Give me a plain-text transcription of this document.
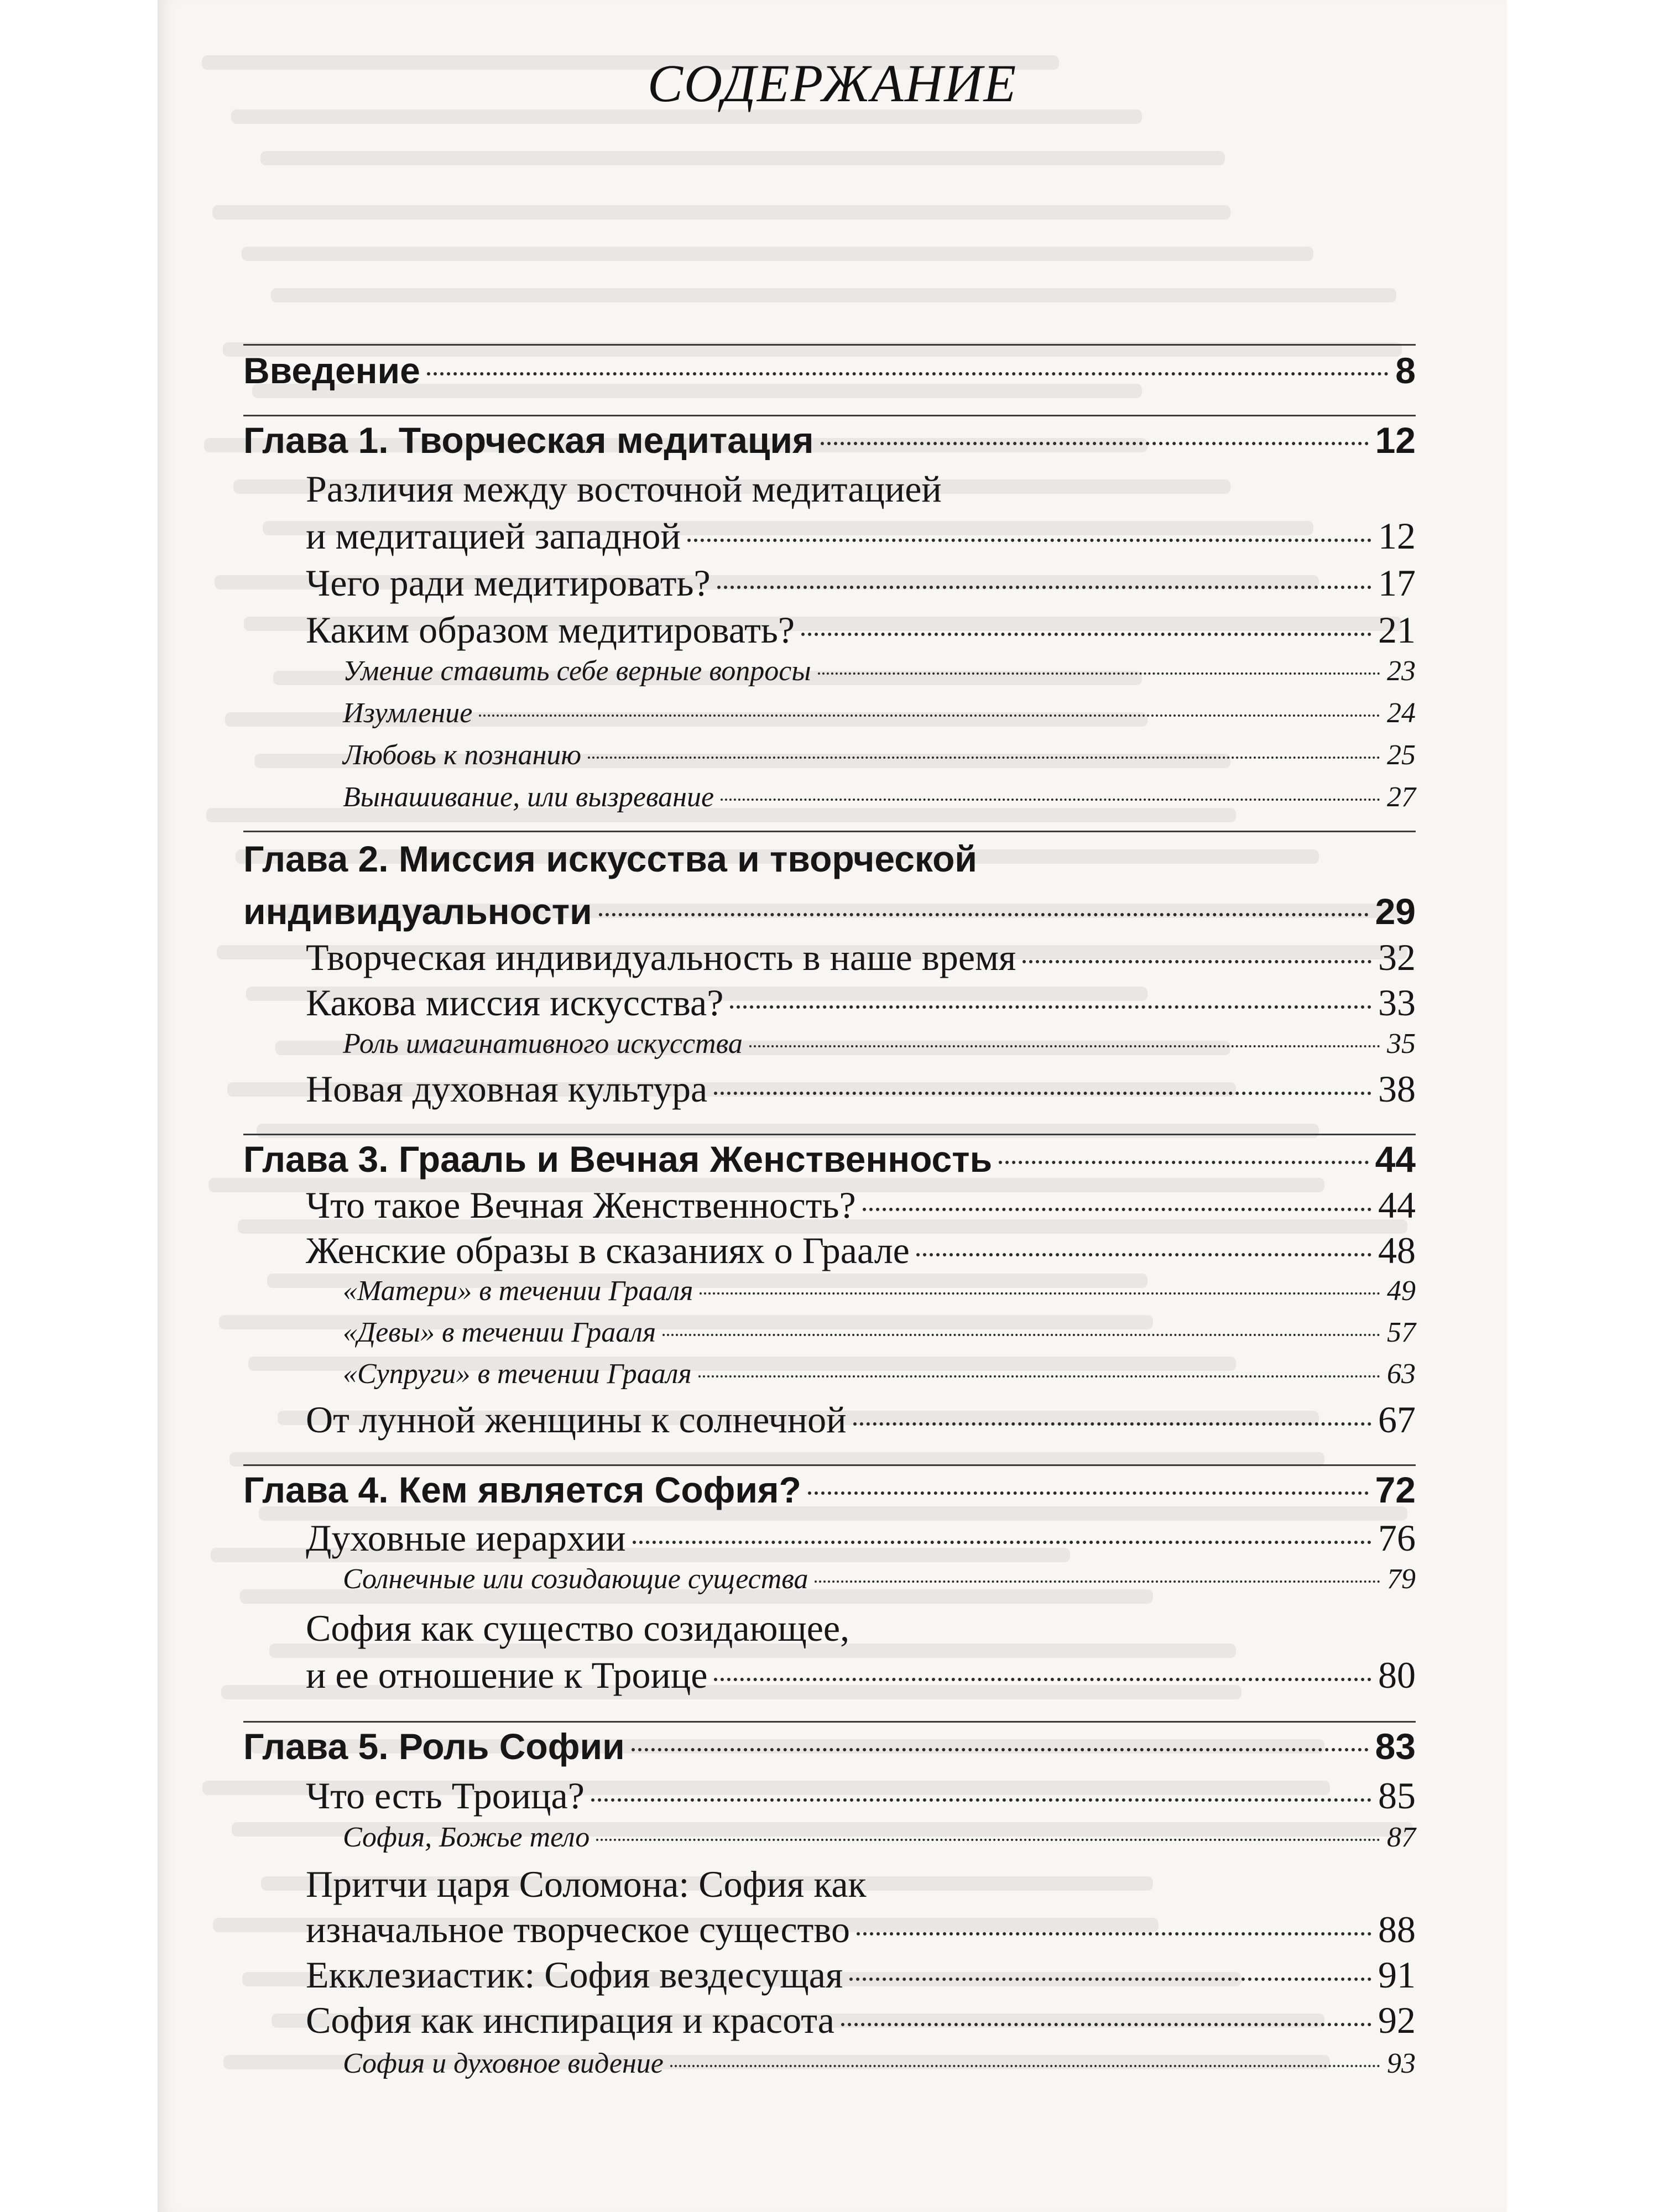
СОДЕРЖАНИЕ
Введение	8
Глава 1. Творческая медитация	12
Различия между восточной медитацией
и медитацией западной	12
Чего ради медитировать?	17
Каким образом медитировать?	21
Умение ставить себе верные вопросы	23
Изумление	24
Любовь к познанию	25
Вынашивание, или вызревание	27
Глава 2. Миссия искусства и творческой
индивидуальности	29
Творческая индивидуальность в наше время	32
Какова миссия искусства?	33
Роль имагинативного искусства	35
Новая духовная культура	38
Глава 3. Грааль и Вечная Женственность	44
Что такое Вечная Женственность?	44
Женские образы в сказаниях о Граале	48
«Матери» в течении Грааля	49
«Девы» в течении Грааля	57
«Супруги» в течении Грааля	63
От лунной женщины к солнечной	67
Глава 4. Кем является София?	72
Духовные иерархии	76
Солнечные или созидающие существа	79
София как существо созидающее,
и ее отношение к Троице	80
Глава 5. Роль Софии	83
Что есть Троица?	85
София, Божье тело	87
Притчи царя Соломона: София как
изначальное творческое существо	88
Екклезиастик: София вездесущая	91
София как инспирация и красота	92
София и духовное видение	93
